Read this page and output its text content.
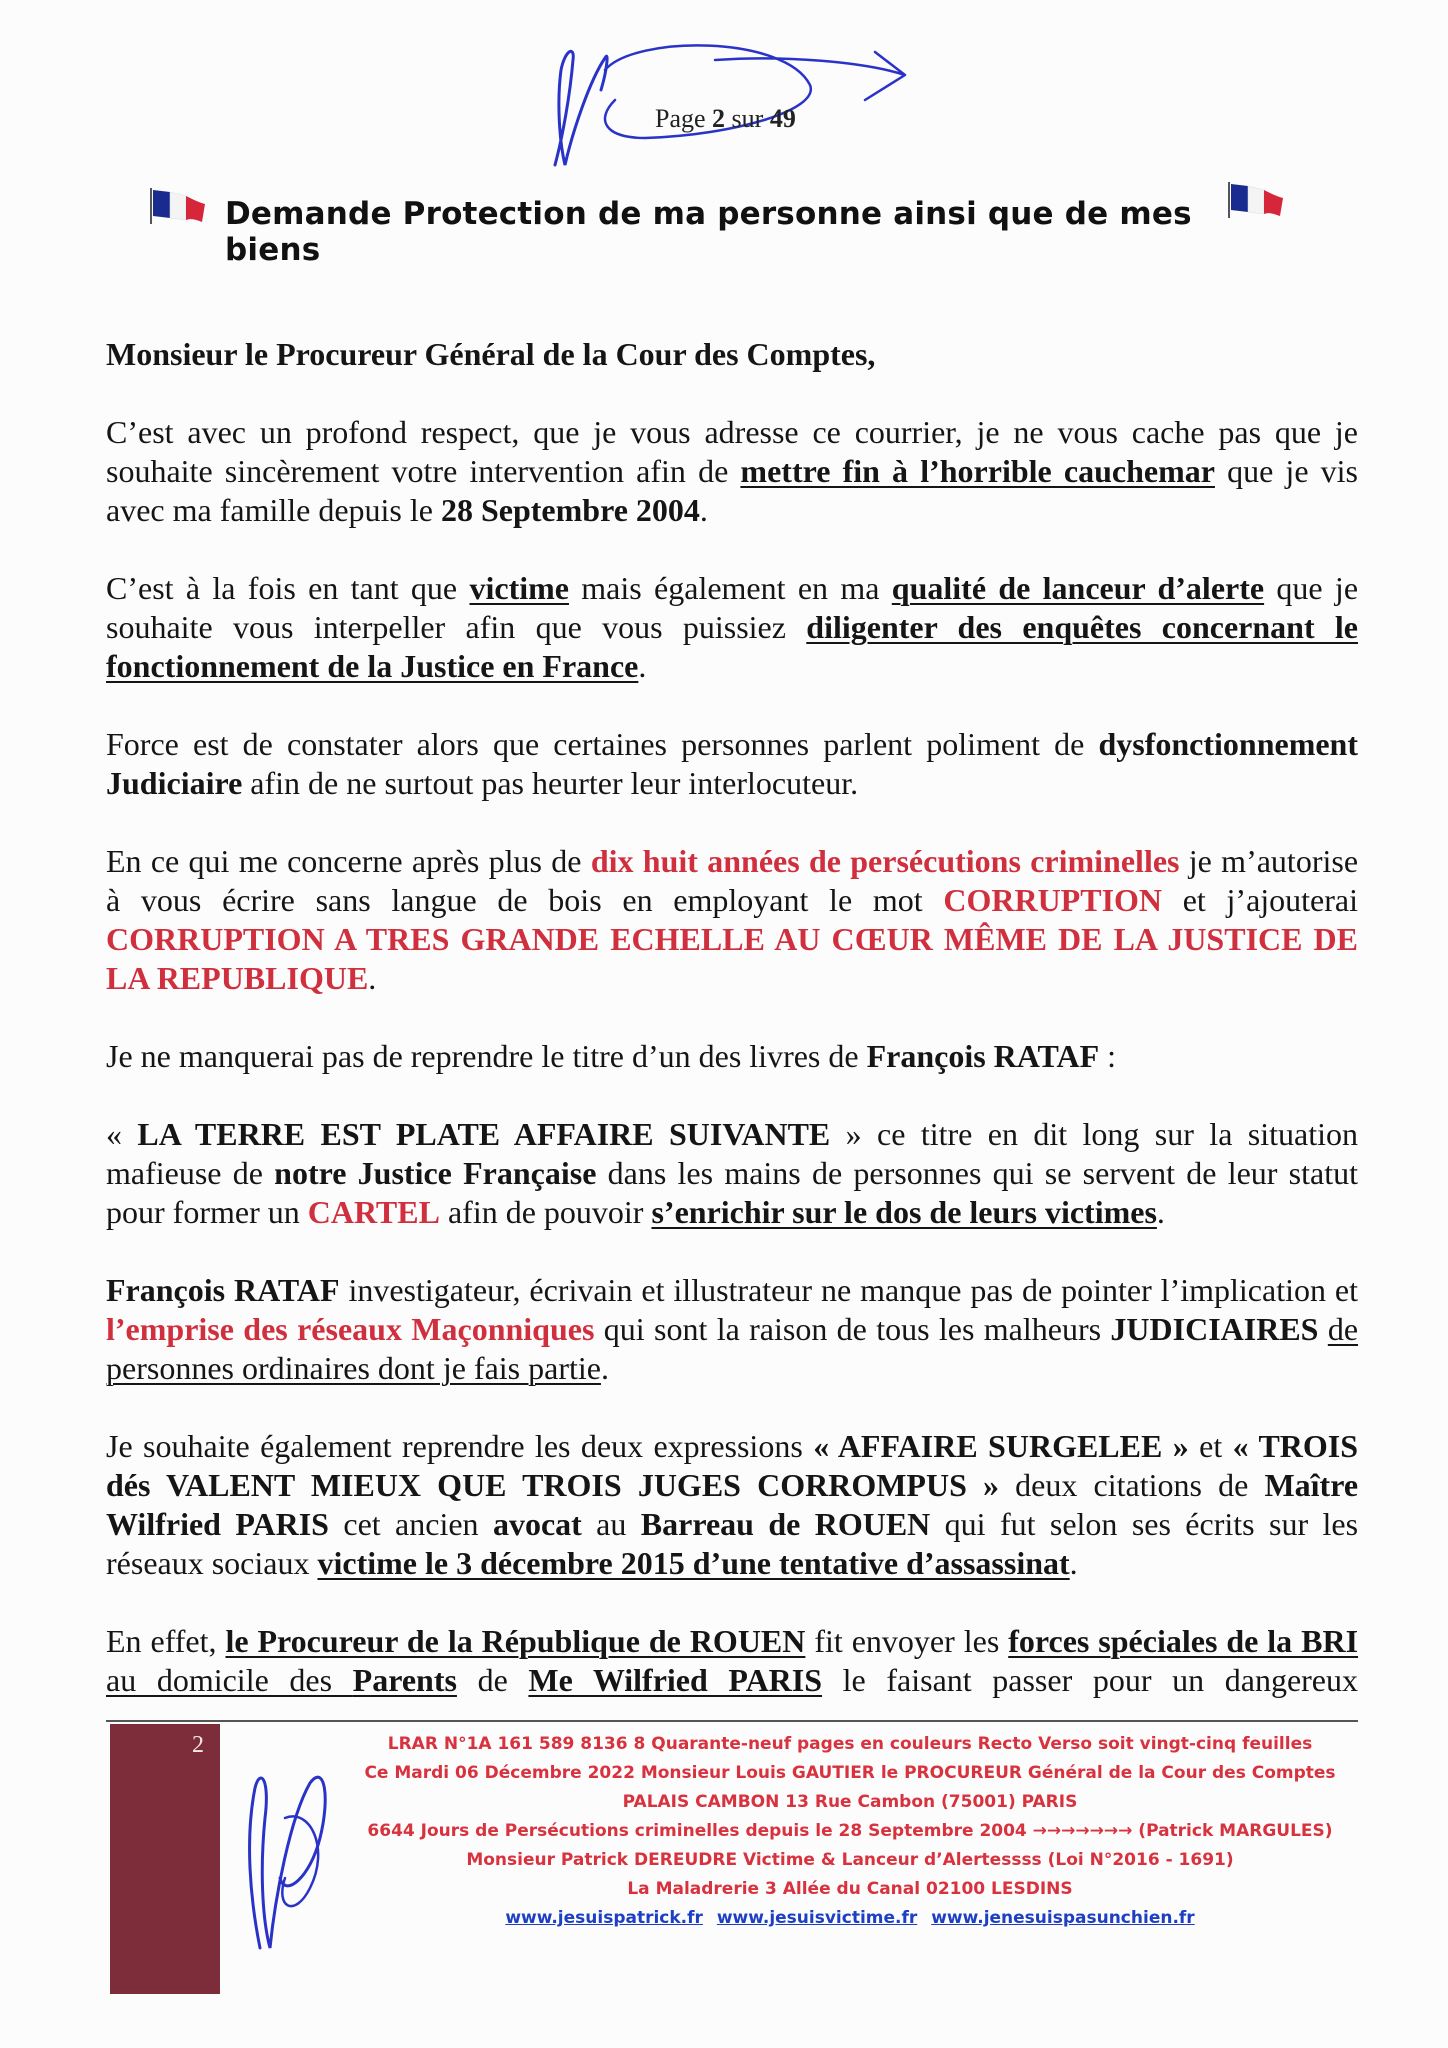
Page 2 sur 49
Demande Protection de ma personne ainsi que de mes biens

Monsieur le Procureur Général de la Cour des Comptes,

C’est avec un profond respect, que je vous adresse ce courrier, je ne vous cache pas que je souhaite sincèrement votre intervention afin de mettre fin à l’horrible cauchemar que je vis avec ma famille depuis le 28 Septembre 2004.

C’est à la fois en tant que victime mais également en ma qualité de lanceur d’alerte que je souhaite vous interpeller afin que vous puissiez diligenter des enquêtes concernant le fonctionnement de la Justice en France.

Force est de constater alors que certaines personnes parlent poliment de dysfonctionnement Judiciaire afin de ne surtout pas heurter leur interlocuteur.

En ce qui me concerne après plus de dix huit années de persécutions criminelles je m’autorise à vous écrire sans langue de bois en employant le mot CORRUPTION et j’ajouterai CORRUPTION A TRES GRANDE ECHELLE AU CŒUR MÊME DE LA JUSTICE DE LA REPUBLIQUE.

Je ne manquerai pas de reprendre le titre d’un des livres de François RATAF :

« LA TERRE EST PLATE AFFAIRE SUIVANTE » ce titre en dit long sur la situation mafieuse de notre Justice Française dans les mains de personnes qui se servent de leur statut pour former un CARTEL afin de pouvoir s’enrichir sur le dos de leurs victimes.

François RATAF investigateur, écrivain et illustrateur ne manque pas de pointer l’implication et l’emprise des réseaux Maçonniques qui sont la raison de tous les malheurs JUDICIAIRES de personnes ordinaires dont je fais partie.

Je souhaite également reprendre les deux expressions « AFFAIRE SURGELEE » et « TROIS dés VALENT MIEUX QUE TROIS JUGES CORROMPUS » deux citations de Maître Wilfried PARIS cet ancien avocat au Barreau de ROUEN qui fut selon ses écrits sur les réseaux sociaux victime le 3 décembre 2015 d’une tentative d’assassinat.

En effet, le Procureur de la République de ROUEN fit envoyer les forces spéciales de la BRI au domicile des Parents de Me Wilfried PARIS le faisant passer pour un dangereux

2	LRAR N°1A 161 589 8136 8 Quarante-neuf pages en couleurs Recto Verso soit vingt-cinq feuilles
Ce Mardi 06 Décembre 2022 Monsieur Louis GAUTIER le PROCUREUR Général de la Cour des Comptes
PALAIS CAMBON 13 Rue Cambon (75001) PARIS
6644 Jours de Persécutions criminelles depuis le 28 Septembre 2004 →→→→→→→ (Patrick MARGULES)
Monsieur Patrick DEREUDRE Victime & Lanceur d’Alertessss (Loi N°2016 - 1691)
La Maladrerie 3 Allée du Canal 02100 LESDINS
www.jesuispatrick.fr www.jesuisvictime.fr www.jenesuispasunchien.fr
